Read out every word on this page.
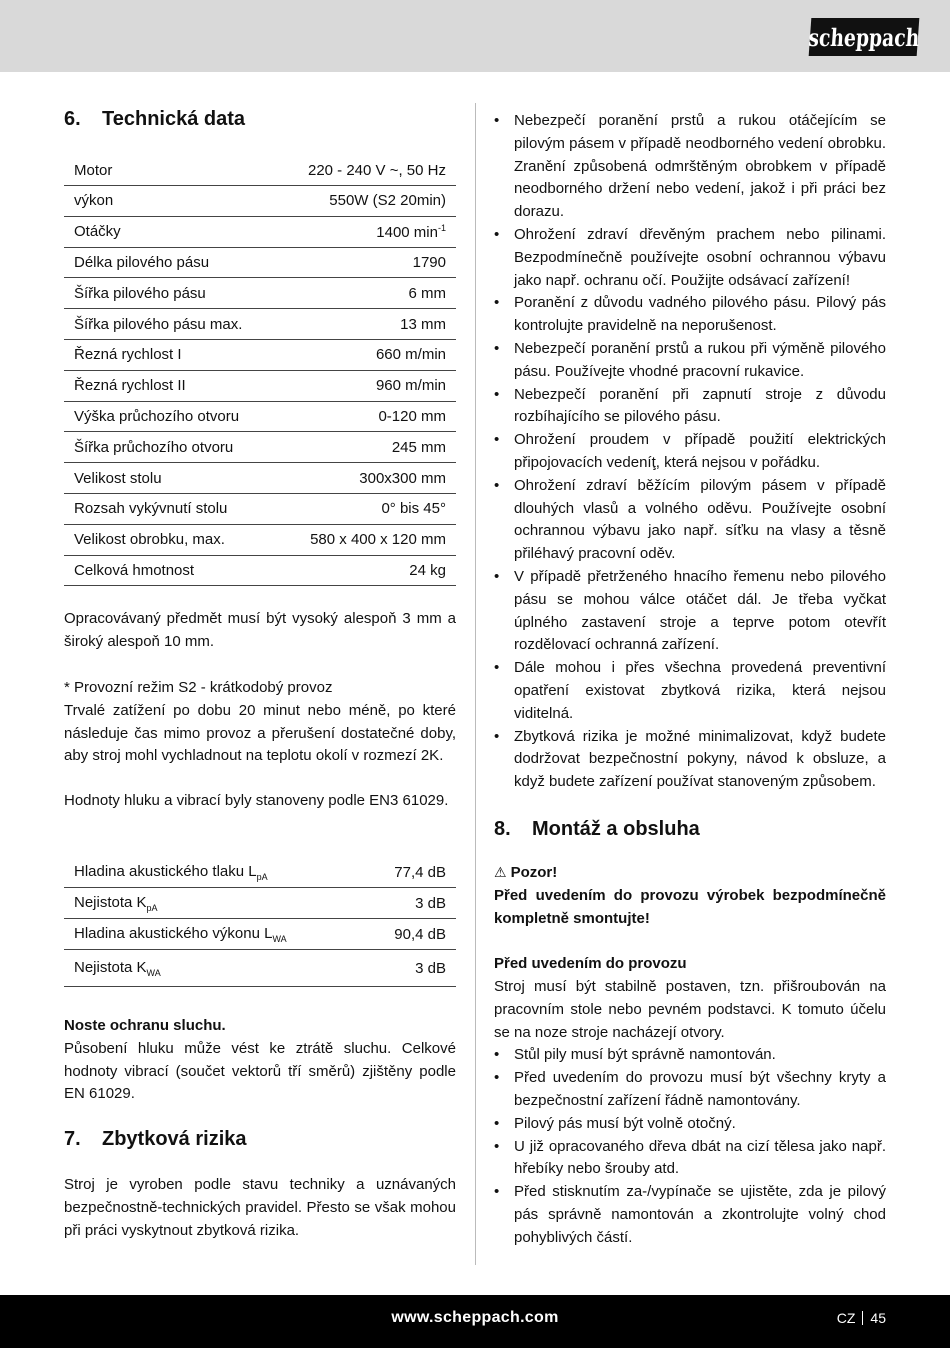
scheppach
6. Technická data
Motor	220 - 240 V ~, 50 Hz
výkon	550W (S2 20min)
Otáčky	1400 $\min^{-1}$
Délka pilového pásu	1790
Šířka pilového pásu	6 mm
Šířka pilového pásu max.	13 mm
Řezná rychlost I	660 m/min
Řezná rychlost II	960 m/min
Výška průchozího otvoru	0-120 mm
Šířka průchozího otvoru	245 mm
Velikost stolu	300x300 mm
Rozsah vykývnutí stolu	0° bis 45°
Velikost obrobku, max.	580 x 400 x 120 mm
Celková hmotnost	24 kg

Opracovávaný předmět musí být vysoký alespoň 3 mm a široký alespoň 10 mm.

* Provozní režim S2 - krátkodobý provoz

Trvalé zatížení po dobu 20 minut nebo méně, po které následuje čas mimo provoz a přerušení dostatečné doby, aby stroj mohl vychladnout na teplotu okolí v rozmezí 2K.

Hodnoty hluku a vibrací byly stanoveny podle EN3 61029.

Hladina akustického tlaku $L_{pA}$	77,4 dB
Nejistota $K_{pA}$	3 dB
Hladina akustického výkonu $L_{WA}$	90,4 dB
Nejistota $K_{WA}$	3 dB

Noste ochranu sluchu.

Působení hluku může vést ke ztrátě sluchu. Celkové hodnoty vibrací (součet vektorů tří směrů) zjištěny podle EN 61029.

7. Zbytková rizika

Stroj je vyroben podle stavu techniky a uznávaných bezpečnostně-technických pravidel. Přesto se však mohou při práci vyskytnout zbytková rizika.

• Nebezpečí poranění prstů a rukou otáčejícím se pilovým pásem v případě neodborného vedení obrobku. Zranění způsobená odmrštěným obrobkem v případě neodborného držení nebo vedení, jakož i při práci bez dorazu.
• Ohrožení zdraví dřevěným prachem nebo pilinami. Bezpodmínečně používejte osobní ochrannou výbavu jako např. ochranu očí. Použijte odsávací zařízení!
• Poranění z důvodu vadného pilového pásu. Pilový pás kontrolujte pravidelně na neporušenost.
• Nebezpečí poranění prstů a rukou při výměně pilového pásu. Používejte vhodné pracovní rukavice.
• Nebezpečí poranění při zapnutí stroje z důvodu rozbíhajícího se pilového pásu.
• Ohrožení proudem v případě použití elektrických připojovacích vedeníţ, která nejsou v pořádku.
• Ohrožení zdraví běžícím pilovým pásem v případě dlouhých vlasů a volného oděvu. Používejte osobní ochrannou výbavu jako např. síťku na vlasy a těsně přiléhavý pracovní oděv.
• V případě přetrženého hnacího řemenu nebo pilového pásu se mohou válce otáčet dál. Je třeba vyčkat úplného zastavení stroje a teprve potom otevřít rozdělovací ochranná zařízení.
• Dále mohou i přes všechna provedená preventivní opatření existovat zbytková rizika, která nejsou viditelná.
• Zbytková rizika je možné minimalizovat, když budete dodržovat bezpečnostní pokyny, návod k obsluze, a když budete zařízení používat stanoveným způsobem.
8. Montáž a obsluha

⚠ Pozor!

Před uvedením do provozu výrobek bezpodmínečně kompletně smontujte!

Před uvedením do provozu

Stroj musí být stabilně postaven, tzn. přišroubován na pracovním stole nebo pevném podstavci. K tomuto účelu se na noze stroje nacházejí otvory.

• Stůl pily musí být správně namontován.
• Před uvedením do provozu musí být všechny kryty a bezpečnostní zařízení řádně namontovány.
• Pilový pás musí být volně otočný.
• U již opracovaného dřeva dbát na cizí tělesa jako např. hřebíky nebo šrouby atd.
• Před stisknutím za-/vypínače se ujistěte, zda je pilový pás správně namontován a zkontrolujte volný chod pohyblivých částí.
www.scheppach.com	CZ 45
